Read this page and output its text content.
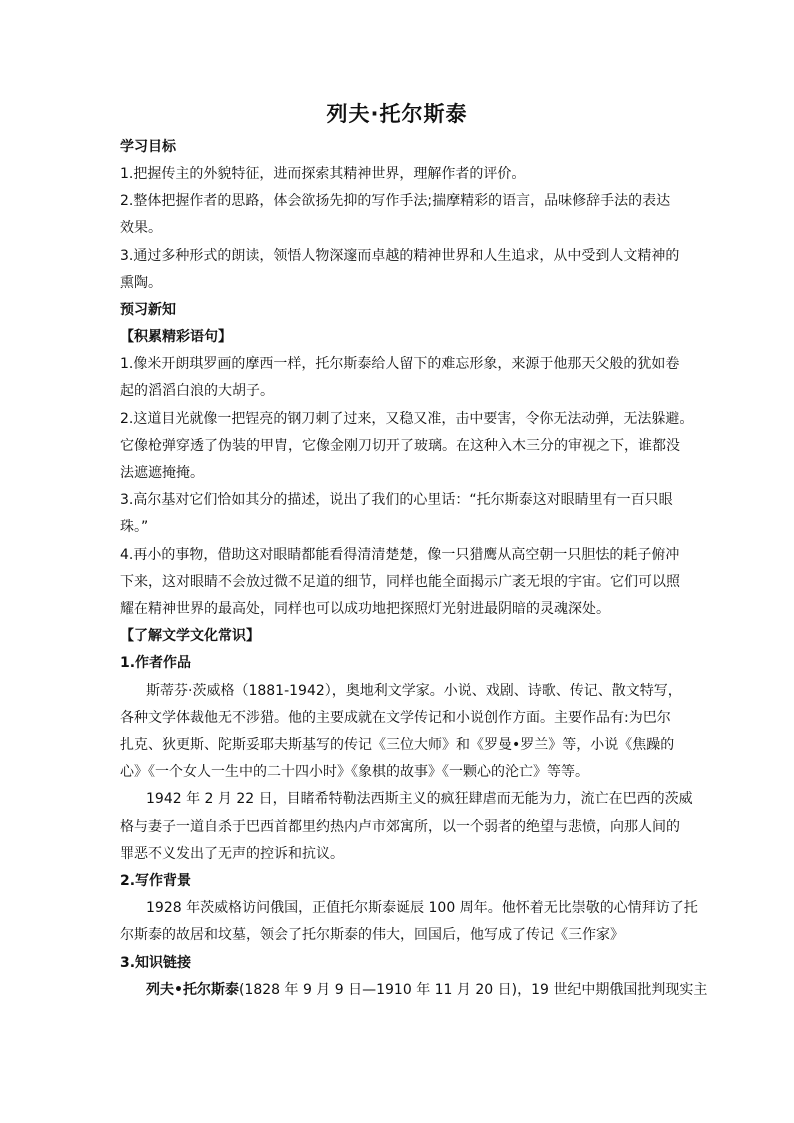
列夫·托尔斯泰
学习目标
1.把握传主的外貌特征，进而探索其精神世界，理解作者的评价。
2.整体把握作者的思路，体会欲扬先抑的写作手法;揣摩精彩的语言，品味修辞手法的表达
效果。
3.通过多种形式的朗读，领悟人物深邃而卓越的精神世界和人生追求，从中受到人文精神的
熏陶。
预习新知
【积累精彩语句】
1.像米开朗琪罗画的摩西一样，托尔斯泰给人留下的难忘形象，来源于他那天父般的犹如卷
起的滔滔白浪的大胡子。
2.这道目光就像一把锃亮的钢刀刺了过来，又稳又准，击中要害，令你无法动弹，无法躲避。
它像枪弹穿透了伪装的甲胄，它像金刚刀切开了玻璃。在这种入木三分的审视之下，谁都没
法遮遮掩掩。
3.高尔基对它们恰如其分的描述，说出了我们的心里话：“托尔斯泰这对眼睛里有一百只眼
珠。”
4.再小的事物，借助这对眼睛都能看得清清楚楚，像一只猎鹰从高空朝一只胆怯的耗子俯冲
下来，这对眼睛不会放过微不足道的细节，同样也能全面揭示广袤无垠的宇宙。它们可以照
耀在精神世界的最高处，同样也可以成功地把探照灯光射进最阴暗的灵魂深处。
【了解文学文化常识】
1.作者作品
斯蒂芬·茨威格（1881-1942），奥地利文学家。小说、戏剧、诗歌、传记、散文特写，
各种文学体裁他无不涉猎。他的主要成就在文学传记和小说创作方面。主要作品有:为巴尔
扎克、狄更斯、陀斯妥耶夫斯基写的传记《三位大师》和《罗曼•罗兰》等，小说《焦躁的
心》《一个女人一生中的二十四小时》《象棋的故事》《一颗心的沦亡》等等。
1942 年 2 月 22 日，目睹希特勒法西斯主义的疯狂肆虐而无能为力，流亡在巴西的茨威
格与妻子一道自杀于巴西首都里约热内卢市郊寓所，以一个弱者的绝望与悲愤，向那人间的
罪恶不义发出了无声的控诉和抗议。
2.写作背景
1928 年茨威格访问俄国，正值托尔斯泰诞辰 100 周年。他怀着无比崇敬的心情拜访了托
尔斯泰的故居和坟墓，领会了托尔斯泰的伟大，回国后，他写成了传记《三作家》
3.知识链接
列夫•托尔斯泰(1828 年 9 月 9 日—1910 年 11 月 20 日)，19 世纪中期俄国批判现实主
